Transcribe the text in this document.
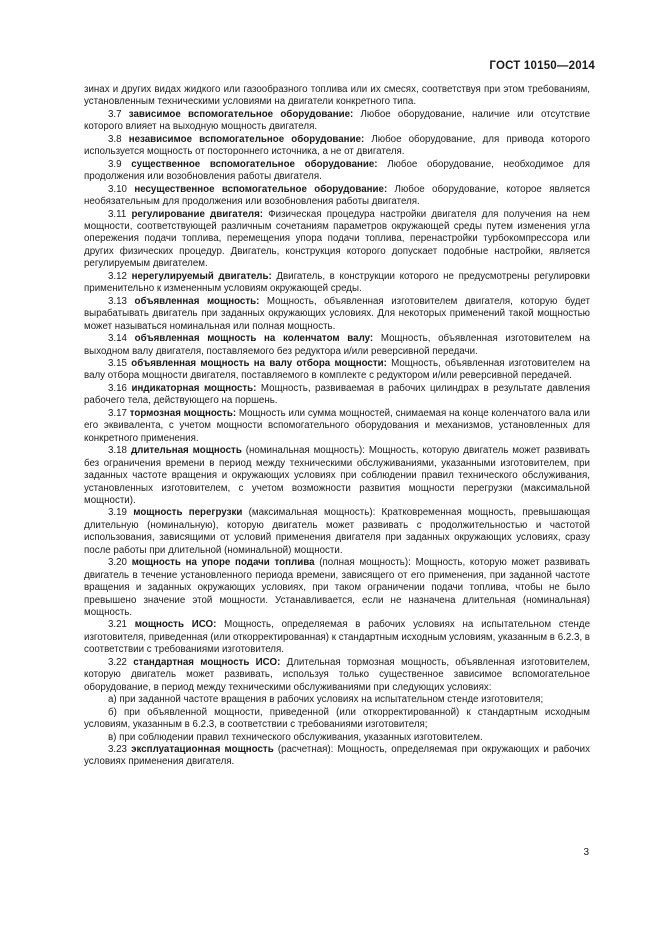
ГОСТ 10150—2014

зинах и других видах жидкого или газообразного топлива или их смесях, соответствуя при этом требованиям, установленным техническими условиями на двигатели конкретного типа.

3.7 зависимое вспомогательное оборудование: Любое оборудование, наличие или отсутствие которого влияет на выходную мощность двигателя.

3.8 независимое вспомогательное оборудование: Любое оборудование, для привода которого используется мощность от постороннего источника, а не от двигателя.

3.9 существенное вспомогательное оборудование: Любое оборудование, необходимое для продолжения или возобновления работы двигателя.

3.10 несущественное вспомогательное оборудование: Любое оборудование, которое является необязательным для продолжения или возобновления работы двигателя.

3.11 регулирование двигателя: Физическая процедура настройки двигателя для получения на нем мощности, соответствующей различным сочетаниям параметров окружающей среды путем изменения угла опережения подачи топлива, перемещения упора подачи топлива, перенастройки турбокомпрессора или других физических процедур. Двигатель, конструкция которого допускает подобные настройки, является регулируемым двигателем.

3.12 нерегулируемый двигатель: Двигатель, в конструкции которого не предусмотрены регулировки применительно к измененным условиям окружающей среды.

3.13 объявленная мощность: Мощность, объявленная изготовителем двигателя, которую будет вырабатывать двигатель при заданных окружающих условиях. Для некоторых применений такой мощностью может называться номинальная или полная мощность.

3.14 объявленная мощность на коленчатом валу: Мощность, объявленная изготовителем на выходном валу двигателя, поставляемого без редуктора и/или реверсивной передачи.

3.15 объявленная мощность на валу отбора мощности: Мощность, объявленная изготовителем на валу отбора мощности двигателя, поставляемого в комплекте с редуктором и/или реверсивной передачей.

3.16 индикаторная мощность: Мощность, развиваемая в рабочих цилиндрах в результате давления рабочего тела, действующего на поршень.

3.17 тормозная мощность: Мощность или сумма мощностей, снимаемая на конце коленчатого вала или его эквивалента, с учетом мощности вспомогательного оборудования и механизмов, установленных для конкретного применения.

3.18 длительная мощность (номинальная мощность): Мощность, которую двигатель может развивать без ограничения времени в период между техническими обслуживаниями, указанными изготовителем, при заданных частоте вращения и окружающих условиях при соблюдении правил технического обслуживания, установленных изготовителем, с учетом возможности развития мощности перегрузки (максимальной мощности).

3.19 мощность перегрузки (максимальная мощность): Кратковременная мощность, превышающая длительную (номинальную), которую двигатель может развивать с продолжительностью и частотой использования, зависящими от условий применения двигателя при заданных окружающих условиях, сразу после работы при длительной (номинальной) мощности.

3.20 мощность на упоре подачи топлива (полная мощность): Мощность, которую может развивать двигатель в течение установленного периода времени, зависящего от его применения, при заданной частоте вращения и заданных окружающих условиях, при таком ограничении подачи топлива, чтобы не было превышено значение этой мощности. Устанавливается, если не назначена длительная (номинальная) мощность.

3.21 мощность ИСО: Мощность, определяемая в рабочих условиях на испытательном стенде изготовителя, приведенная (или откорректированная) к стандартным исходным условиям, указанным в 6.2.3, в соответствии с требованиями изготовителя.

3.22 стандартная мощность ИСО: Длительная тормозная мощность, объявленная изготовителем, которую двигатель может развивать, используя только существенное зависимое вспомогательное оборудование, в период между техническими обслуживаниями при следующих условиях:

а) при заданной частоте вращения в рабочих условиях на испытательном стенде изготовителя;

б) при объявленной мощности, приведенной (или откорректированной) к стандартным исходным условиям, указанным в 6.2.3, в соответствии с требованиями изготовителя;

в) при соблюдении правил технического обслуживания, указанных изготовителем.

3.23 эксплуатационная мощность (расчетная): Мощность, определяемая при окружающих и рабочих условиях применения двигателя.

3
